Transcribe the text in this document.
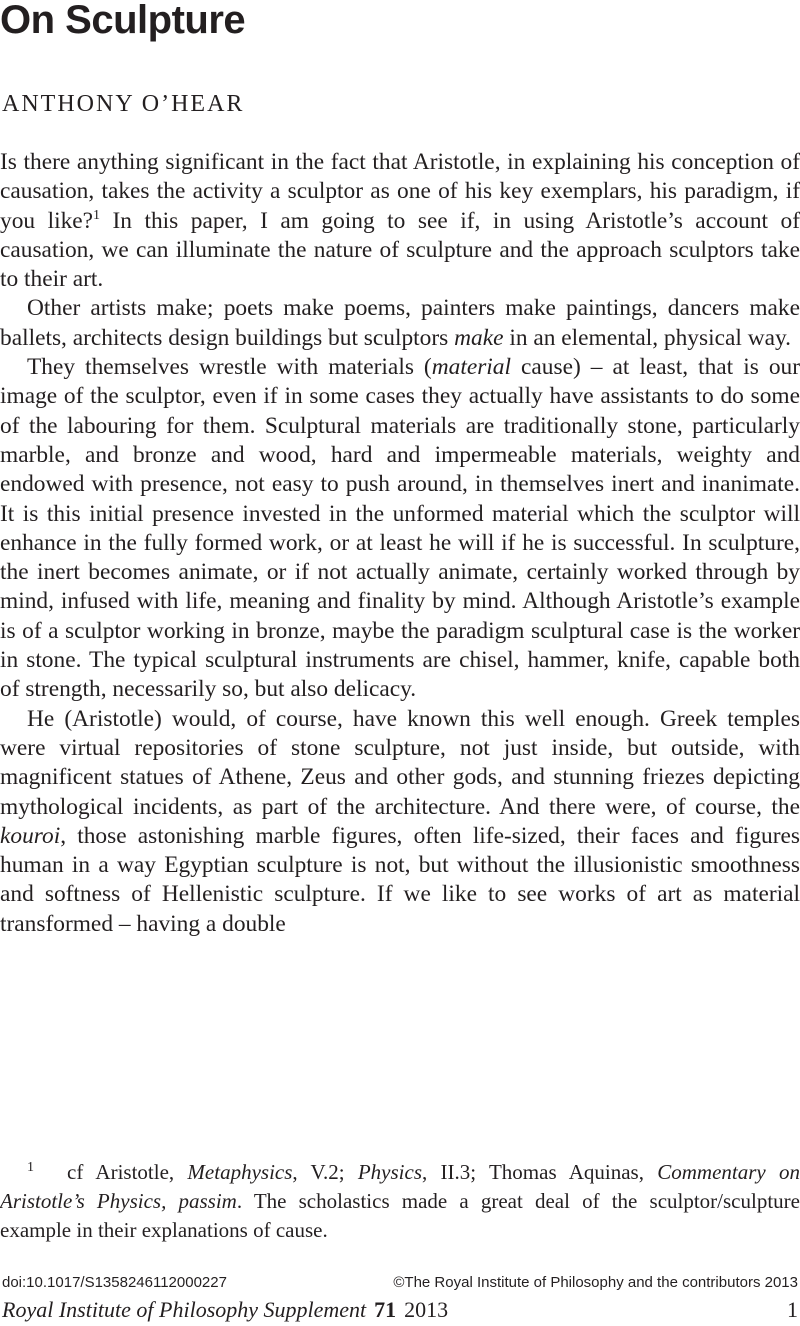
On Sculpture
ANTHONY O’HEAR

Is there anything significant in the fact that Aristotle, in explaining his conception of causation, takes the activity a sculptor as one of his key exemplars, his paradigm, if you like?$^1$ In this paper, I am going to see if, in using Aristotle’s account of causation, we can illuminate the nature of sculpture and the approach sculptors take to their art.

Other artists make; poets make poems, painters make paintings, dancers make ballets, architects design buildings but sculptors make in an elemental, physical way.

They themselves wrestle with materials (material cause) – at least, that is our image of the sculptor, even if in some cases they actually have assistants to do some of the labouring for them. Sculptural materials are traditionally stone, particularly marble, and bronze and wood, hard and impermeable materials, weighty and endowed with presence, not easy to push around, in themselves inert and inanimate. It is this initial presence invested in the unformed material which the sculptor will enhance in the fully formed work, or at least he will if he is successful. In sculpture, the inert becomes animate, or if not actually animate, certainly worked through by mind, infused with life, meaning and finality by mind. Although Aristotle’s example is of a sculptor working in bronze, maybe the paradigm sculptural case is the worker in stone. The typical sculptural instruments are chisel, hammer, knife, capable both of strength, necessarily so, but also delicacy.

He (Aristotle) would, of course, have known this well enough. Greek temples were virtual repositories of stone sculpture, not just inside, but outside, with magnificent statues of Athene, Zeus and other gods, and stunning friezes depicting mythological incidents, as part of the architecture. And there were, of course, the kouroi, those astonishing marble figures, often life-sized, their faces and figures human in a way Egyptian sculpture is not, but without the illusionistic smoothness and softness of Hellenistic sculpture. If we like to see works of art as material transformed – having a double

$^1$ cf Aristotle, Metaphysics, V.2; Physics, II.3; Thomas Aquinas, Commentary on Aristotle’s Physics, passim. The scholastics made a great deal of the sculptor/sculpture example in their explanations of cause.

doi:10.1017/S1358246112000227	©The Royal Institute of Philosophy and the contributors 2013
Royal Institute of Philosophy Supplement 71 2013	1
